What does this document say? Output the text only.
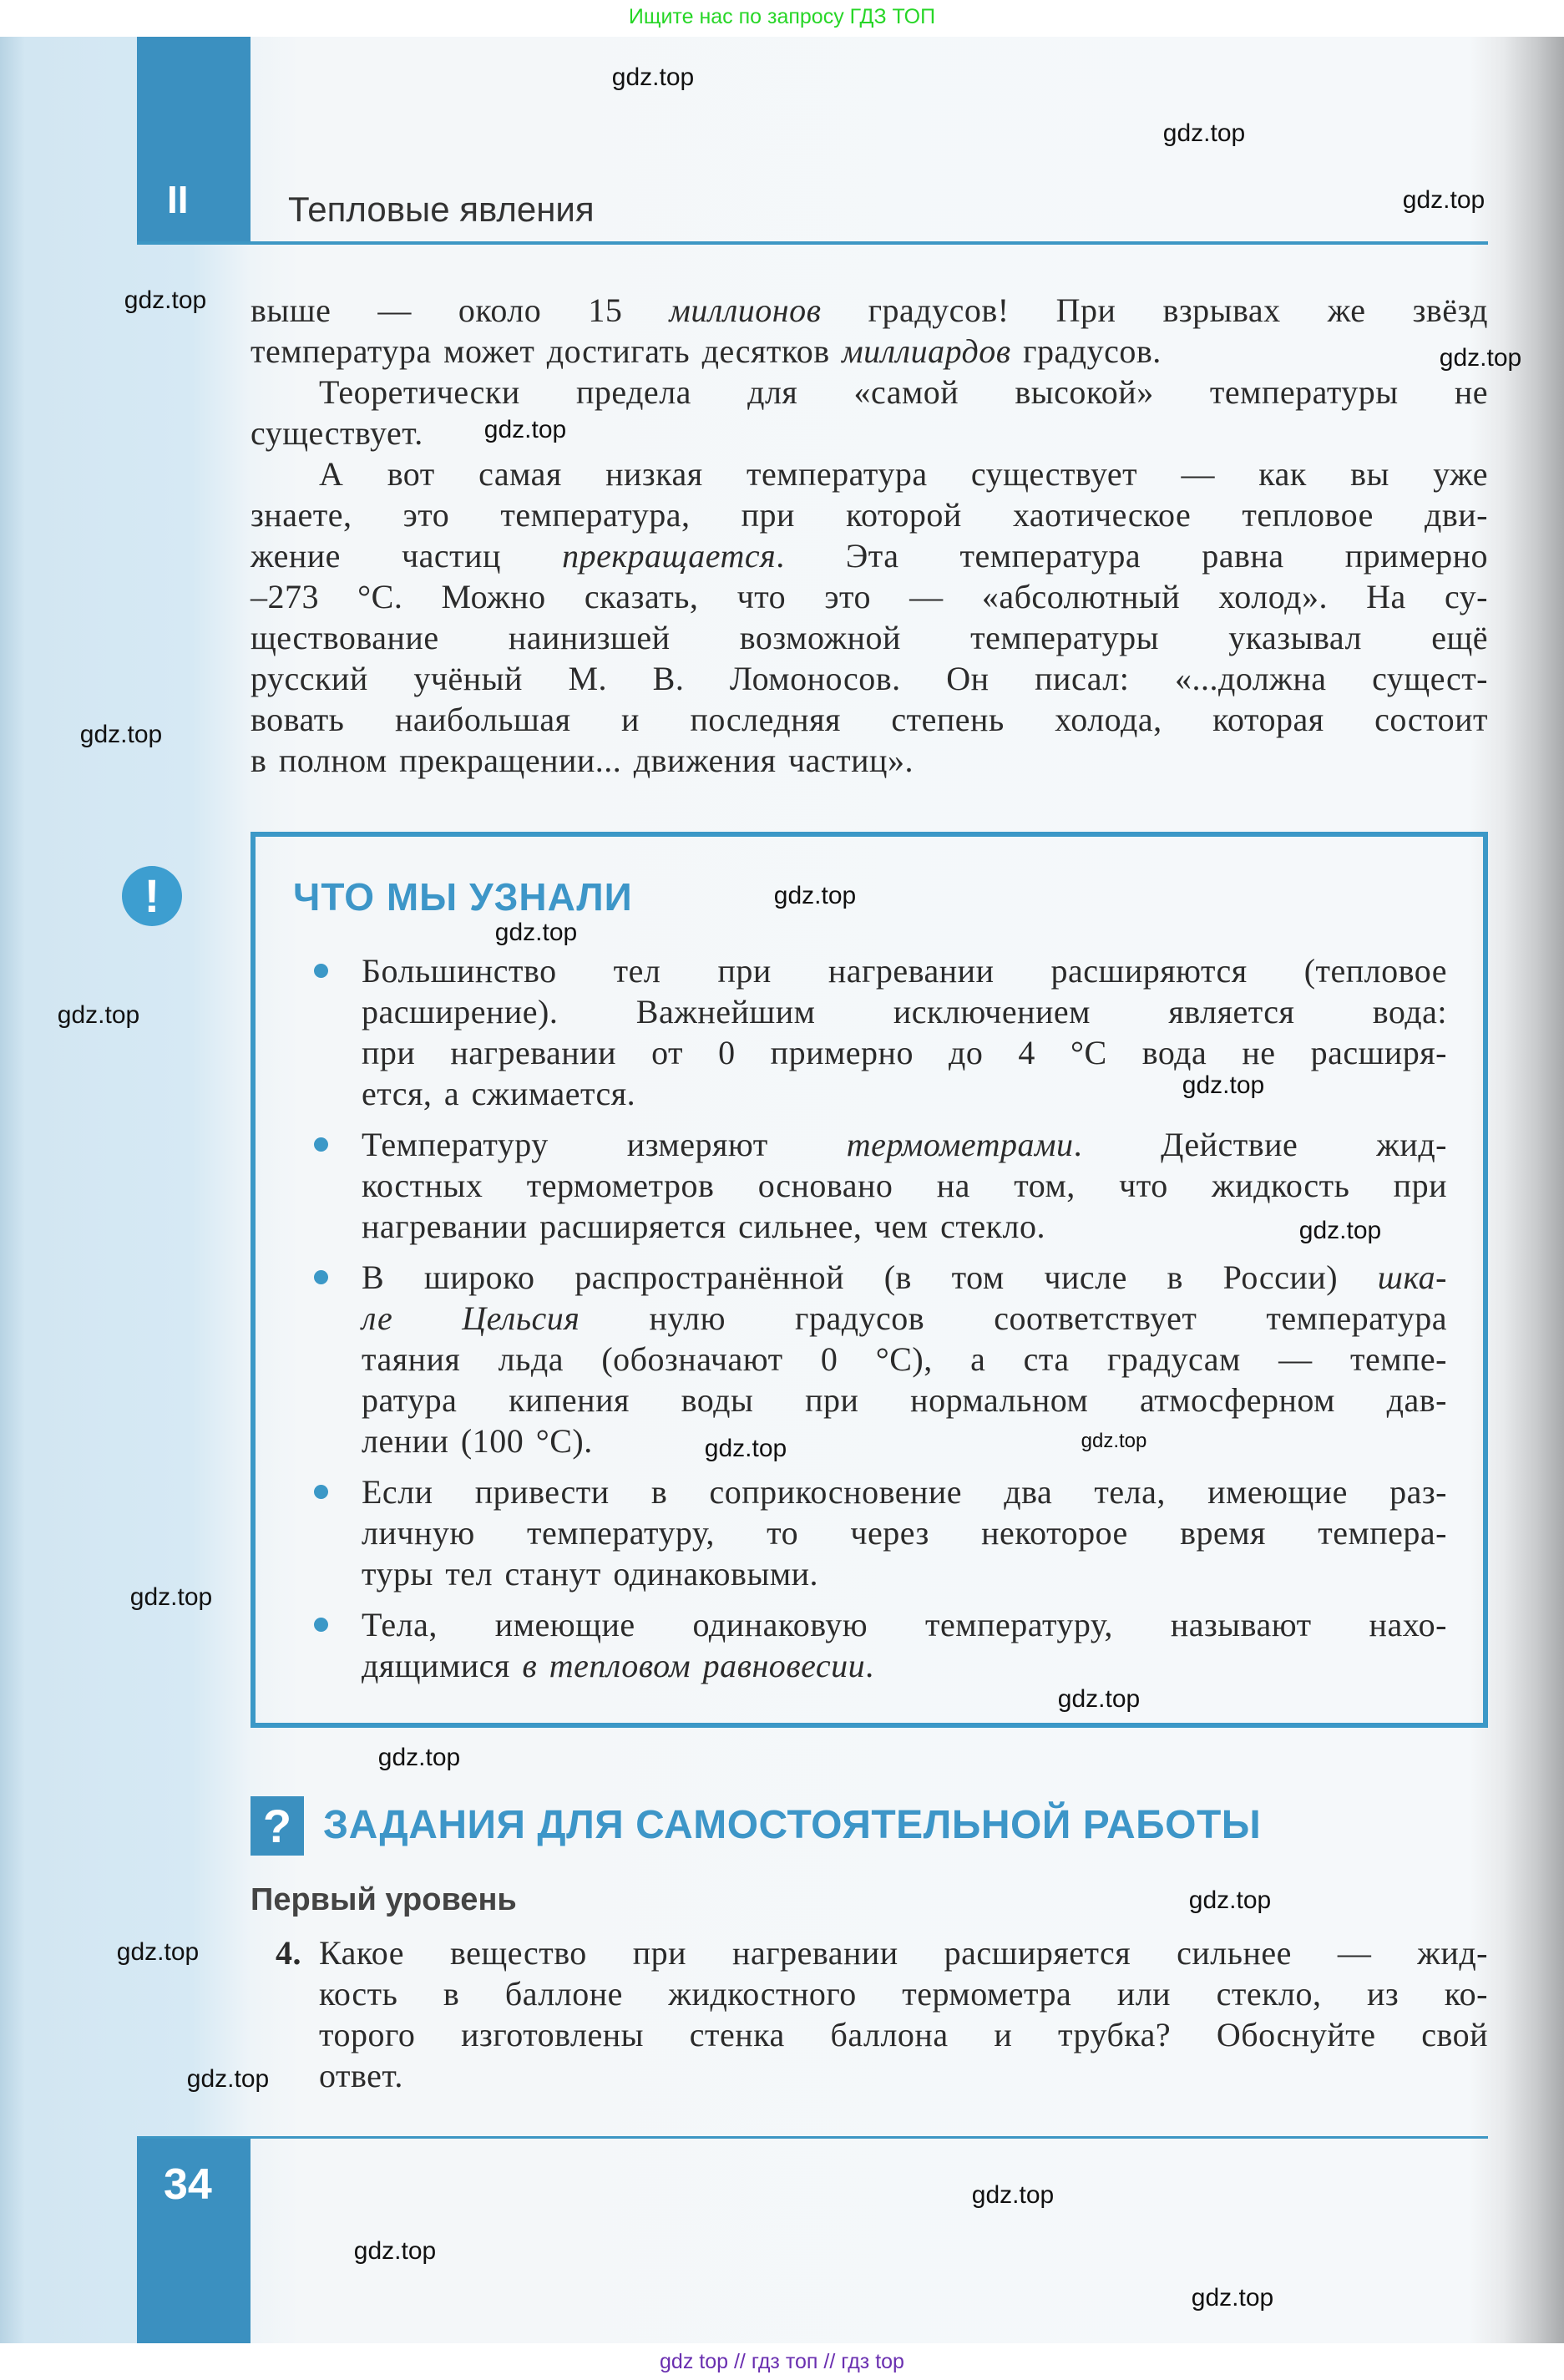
Ищите нас по запросу ГДЗ ТОП
II	Тепловые явления
34
выше — около 15 миллионов градусов! При взрывах же звёзд
температура может достигать десятков миллиардов градусов.
Теоретически предела для «самой высокой» температуры не
существует.
А вот самая низкая температура существует — как вы уже
знаете, это температура, при которой хаотическое тепловое дви-
жение частиц прекращается. Эта температура равна примерно
–273 °С. Можно сказать, что это — «абсолютный холод». На су-
ществование наинизшей возможной температуры указывал ещё
русский учёный М. В. Ломоносов. Он писал: «...должна сущест-
вовать наибольшая и последняя степень холода, которая состоит
в полном прекращении... движения частиц».
!	ЧТО МЫ УЗНАЛИ
Большинство тел при нагревании расширяются (тепловое
расширение). Важнейшим исключением является вода:
при нагревании от 0 примерно до 4 °С вода не расширя-
ется, а сжимается.
Температуру измеряют термометрами. Действие жид-
костных термометров основано на том, что жидкость при
нагревании расширяется сильнее, чем стекло.
В широко распространённой (в том числе в России) шка-
ле Цельсия нулю градусов соответствует температура
таяния льда (обозначают 0 °С), а ста градусам — темпе-
ратура кипения воды при нормальном атмосферном дав-
лении (100 °С).
Если привести в соприкосновение два тела, имеющие раз-
личную температуру, то через некоторое время темпера-
туры тел станут одинаковыми.
Тела, имеющие одинаковую температуру, называют нахо-
дящимися в тепловом равновесии.
? ЗАДАНИЯ ДЛЯ САМОСТОЯТЕЛЬНОЙ РАБОТЫ
Первый уровень
4. Какое вещество при нагревании расширяется сильнее — жид-
кость в баллоне жидкостного термометра или стекло, из ко-
торого изготовлены стенка баллона и трубка? Обоснуйте свой
ответ.
gdz.top
gdz.top
gdz.top
gdz.top
gdz.top
gdz.top
gdz.top
gdz.top
gdz.top
gdz.top
gdz.top
gdz.top
gdz.top
gdz.top
gdz.top
gdz.top
gdz.top
gdz.top
gdz.top
gdz.top
gdz.top
gdz.top
gdz.top
gdz top // гдз топ // гдз top
